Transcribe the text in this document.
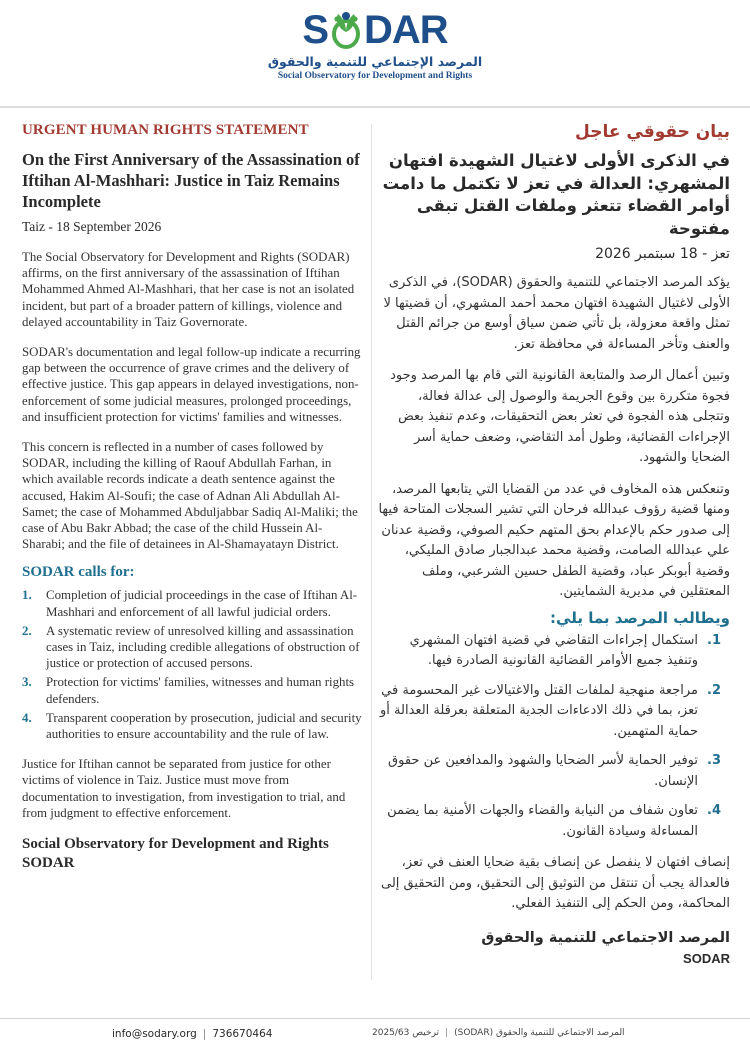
S DAR
المرصد الإجتماعي للتنمية والحقوق
Social Observatory for Development and Rights
URGENT HUMAN RIGHTS STATEMENT
On the First Anniversary of the Assassination of Iftihan Al-Mashhari: Justice in Taiz Remains Incomplete
Taiz - 18 September 2026

The Social Observatory for Development and Rights (SODAR) affirms, on the first anniversary of the assassination of Iftihan Mohammed Ahmed Al-Mashhari, that her case is not an isolated incident, but part of a broader pattern of killings, violence and delayed accountability in Taiz Governorate.

SODAR's documentation and legal follow-up indicate a recurring gap between the occurrence of grave crimes and the delivery of effective justice. This gap appears in delayed investigations, non-enforcement of some judicial measures, prolonged proceedings, and insufficient protection for victims' families and witnesses.

This concern is reflected in a number of cases followed by SODAR, including the killing of Raouf Abdullah Farhan, in which available records indicate a death sentence against the accused, Hakim Al-Soufi; the case of Adnan Ali Abdullah Al-Samet; the case of Mohammed Abduljabbar Sadiq Al-Maliki; the case of Abu Bakr Abbad; the case of the child Hussein Al-Sharabi; and the file of detainees in Al-Shamayatayn District.

SODAR calls for:
1.	Completion of judicial proceedings in the case of Iftihan Al-Mashhari and enforcement of all lawful judicial orders.
2.	A systematic review of unresolved killing and assassination cases in Taiz, including credible allegations of obstruction of justice or protection of accused persons.
3.	Protection for victims' families, witnesses and human rights defenders.
4.	Transparent cooperation by prosecution, judicial and security authorities to ensure accountability and the rule of law.

Justice for Iftihan cannot be separated from justice for other victims of violence in Taiz. Justice must move from documentation to investigation, from investigation to trial, and from judgment to effective enforcement.

Social Observatory for Development and Rights
SODAR
بيان حقوقي عاجل
في الذكرى الأولى لاغتيال الشهيدة افتهان المشهري: العدالة في تعز لا تكتمل ما دامت أوامر القضاء تتعثر وملفات القتل تبقى مفتوحة
تعز - 18 سبتمبر 2026

يؤكد المرصد الاجتماعي للتنمية والحقوق (SODAR)، في الذكرى الأولى لاغتيال الشهيدة افتهان محمد أحمد المشهري، أن قضيتها لا تمثل واقعة معزولة، بل تأتي ضمن سياق أوسع من جرائم القتل والعنف وتأخر المساءلة في محافظة تعز.

وتبين أعمال الرصد والمتابعة القانونية التي قام بها المرصد وجود فجوة متكررة بين وقوع الجريمة والوصول إلى عدالة فعالة، وتتجلى هذه الفجوة في تعثر بعض التحقيقات، وعدم تنفيذ بعض الإجراءات القضائية، وطول أمد التقاضي، وضعف حماية أسر الضحايا والشهود.

وتنعكس هذه المخاوف في عدد من القضايا التي يتابعها المرصد، ومنها قضية رؤوف عبدالله فرحان التي تشير السجلات المتاحة فيها إلى صدور حكم بالإعدام بحق المتهم حكيم الصوفي، وقضية عدنان علي عبدالله الصامت، وقضية محمد عبدالجبار صادق المليكي، وقضية أبوبكر عباد، وقضية الطفل حسين الشرعبي، وملف المعتقلين في مديرية الشمايتين.

ويطالب المرصد بما يلي:
1.
استكمال إجراءات التقاضي في قضية افتهان المشهري وتنفيذ جميع الأوامر القضائية القانونية الصادرة فيها.
2.
مراجعة منهجية لملفات القتل والاغتيالات غير المحسومة في تعز، بما في ذلك الادعاءات الجدية المتعلقة بعرقلة العدالة أو حماية المتهمين.
3.
توفير الحماية لأسر الضحايا والشهود والمدافعين عن حقوق الإنسان.
4.
تعاون شفاف من النيابة والقضاء والجهات الأمنية بما يضمن المساءلة وسيادة القانون.

إنصاف افتهان لا ينفصل عن إنصاف بقية ضحايا العنف في تعز، فالعدالة يجب أن تنتقل من التوثيق إلى التحقيق، ومن التحقيق إلى المحاكمة، ومن الحكم إلى التنفيذ الفعلي.

المرصد الاجتماعي للتنمية والحقوق
SODAR
info@sodary.org | 736670464	المرصد الاجتماعي للتنمية والحقوق (SODAR)|ترخيص 2025/63
